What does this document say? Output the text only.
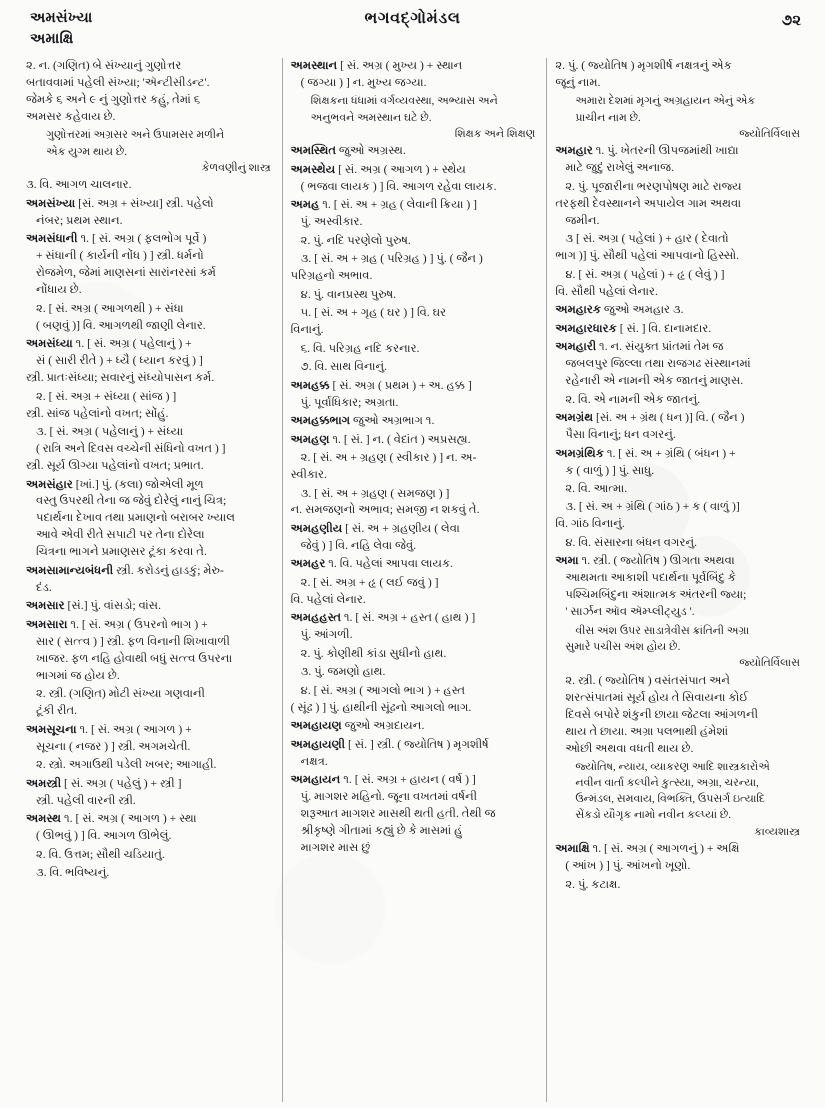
અમસંખ્યા
અમાક્ષિ
ભગવદ્ગોમંડલ	૭૨
૨. ન. (ગણિત) બે સંખ્યાનું ગુણોત્તર
બતાવવામાં પહેલી સંખ્યા; 'ઍન્ટીસીડન્ટ'.
જેમકે ૬ અને ૯ નું ગુણોત્તર કહું, તેમાં ૬
અમસર કહેવાય છે.
ગુણોત્તરમાં અગ્રસર અને ઉપામસર મળીને
એક યુગ્મ થાય છે.
કેળવણીનું શાસ્ત્ર
૩. વિ. આગળ ચાલનાર.
અમસંખ્યા [સં. અગ્ર + સંખ્યા] સ્ત્રી. પહેલો
નંબર; પ્રથમ સ્થાન.
અમસંધાની ૧. [ સં. અગ્ર ( ફલભોગ પૂર્વે )
+ સંધાની ( કાર્યની નોંધ ) ] સ્ત્રી. ધર્મનો
રોજમેળ, જેમાં માણસનાં સારાંનરસાં કર્મ
નોંધાય છે.
૨. [ સં. અગ્ર ( આગળથી ) + સંધા
( બણવું )] વિ. આગળથી જાણી લેનાર.
અમસંધ્યા ૧. [ સં. અગ્ર ( પહેલાનું ) +
સં ( સારી રીતે ) + ધ્યૈ ( ધ્યાન કરવું ) ]
સ્ત્રી. પ્રાતઃસંધ્યા; સવારનું સંધ્યોપાસન કર્મ.
૨. [ સં. અગ્ર + સંધ્યા ( સાંજ ) ]
સ્ત્રી. સાંજ પહેલાંનો વખત; સોંહું.
૩. [ સં. અગ્ર ( પહેલાનું ) + સંધ્યા
( રાત્રિ અને દિવસ વચ્ચેની સંધિનો વખત ) ]
સ્ત્રી. સૂર્ય ઊગ્યા પહેલાંનો વખત; પ્રભાત.
અમસંહાર [ખાં.] પું. (કલા) જોએલી મૂળ
વસ્તુ ઉપરથી તેના જ જેવું દોરેલું નાનું ચિત્ર;
પદાર્થના દેખાવ તથા પ્રમાણનો બરાબર ખ્યાલ
આવે એવી રીતે સપાટી પર તેના દોરેલા
ચિત્રના ભાગને પ્રમાણસર ટૂંકા કરવા તે.
અમસામાન્યબંધની સ્ત્રી. કરોડનું હાડકું; મેરુ-
દંડ.
અમસાર [સં.] પું. વાંસડો; વાંસ.
અમસારા ૧. [ સં. અગ્ર ( ઉપરનો ભાગ ) +
સાર ( સત્ત્વ ) ] સ્ત્રી. ફળ વિનાની શિખાવાળી
ખાજર. ફળ નહિ હોવાથી બધું સત્ત્વ ઉપરના
ભાગમાં જ હોય છે.
૨. સ્ત્રી. (ગણિત) મોટી સંખ્યા ગણવાની
ટૂંકી રીત.
અમસૂચના ૧. [ સં. અગ્ર ( આગળ ) +
સૂચના ( નજર ) ] સ્ત્રી. અગમચેતી.
૨. સ્ત્રો. અગાઉથી પડેલી ખબર; આગાહી.
અમસ્ત્રી [ સં. અગ્ર ( પહેલું ) + સ્ત્રી ]
સ્ત્રી. પહેલી વારની સ્ત્રી.
અમસ્થ ૧. [ સં. અગ્ર ( આગળ ) + સ્થા
( ઊભવું ) ] વિ. આગળ ઊભેલું.
૨. વિ. ઉત્તમ; સૌથી ચડિયાતું.
૩. વિ. ભવિષ્યનું.
અમસ્થાન [ સં. અગ્ર ( મુખ્ય ) + સ્થાન
( જગ્યા ) ] ન. મુખ્ય જગ્યા.
શિક્ષકના ધંધામાં વર્ગવ્યવસ્થા, અભ્યાસ અને
અનુભવને અમસ્થાન ઘટે છે.
શિક્ષક અને શિક્ષણ
અમસ્થિત જુઓ અગ્રસ્થ.
અમસ્થેય [ સં. અગ્ર ( આગળ ) + સ્થેય
( ભજવા લાયક ) ] વિ. આગળ રહેવા લાયક.
અમહ ૧. [ સં. અ + ગ્રહ ( લેવાની ક્રિયા ) ]
પું. અસ્વીકાર.
૨. પું. નદિ પરણેલો પુરુષ.
૩. [ સં. અ + ગ્રહ ( પરિગ્રહ ) ] પું. ( જૈન )
પરિગ્રહનો અભાવ.
૪. પું. વાનપ્રસ્થ પુરુષ.
૫. [ સં. અ + ગૃહ ( ઘર ) ] વિ. ઘર
વિનાનું.
૬. વિ. પરિગ્રહ નદિ કરનાર.
૭. વિ. સાથ વિનાનું.
અમહક્ક [ સં. અગ્ર ( પ્રથમ ) + અ. હક્ક ]
પું. પૂર્વાધિકાર; અગ્રતા.
અમહક્કભાગ જુઓ અગ્રભાગ ૧.
અમહણ ૧. [ સં. ] ન. ( વેદાંત ) અપ્રસહ્ય.
૨. [ સં. અ + ગ્રહણ ( સ્વીકાર ) ] ન. અ-
સ્વીકાર.
૩. [ સં. અ + ગ્રહણ ( સમજણ ) ]
ન. સમજણનો અભાવ; સમજી ન શકવું તે.
અમહણીય [ સં. અ + ગ્રહણીય ( લેવા
જેવું ) ] વિ. નહિ લેવા જેવું.
અમહર ૧. વિ. પહેલાં આપવા લાયક.
૨. [ સં. અગ્ર + હૃ ( લઈ જવું ) ]
વિ. પહેલાં લેનાર.
અમહહસ્ત ૧. [ સં. અગ્ર + હસ્ત ( હાથ ) ]
પું. આંગળી.
૨. પું. કોણીથી કાંડા સુધીનો હાથ.
૩. પું. જમણો હાથ.
૪. [ સં. અગ્ર ( આગલો ભાગ ) + હસ્ત
( સૂંઢ ) ] પું. હાથીની સૂંઢનો આગલો ભાગ.
અમહાયણ જુઓ અગ્રદાયન.
અમહાયણી [ સં. ] સ્ત્રી. ( જ્યોતિષ ) મૃગશીર્ષ
નક્ષત્ર.
અમહાયન ૧. [ સં. અગ્ર + હાયન ( વર્ષ ) ]
પું. માગશર મહિનો. જૂના વખતમાં વર્ષની
શરૂઆત માગશર માસથી થતી હતી. તેથી જ
શ્રીકૃષ્ણે ગીતામાં કહ્યું છે કે માસમાં હું
માગશર માસ છું
૨. પું. ( જ્યોતિષ ) મૃગશીર્ષ નક્ષત્રનું એક
જૂનું નામ.
અમારા દેશમાં મૃગનું અગ્રહાયન એનું એક
પ્રાચીન નામ છે.
જ્યોતિર્વિલાસ
અમહાર ૧. પું. ખેતરની ઊપજમાંથી ખાદ્યા
માટે જુદું રાખેલું અનાજ.
૨. પું. પૂજારીના ભરણપોષણ માટે રાજ્ય
તરફથી દેવસ્થાનને અપાયેલ ગામ અથવા
જમીન.
૩ [ સં. અગ્ર ( પહેલાં ) + હાર ( દેવાતો
ભાગ )] પું. સૌથી પહેલાં આપવાનો હિસ્સો.
૪. [ સં. અગ્ર ( પહેલાં ) + હૃ ( લેવું ) ]
વિ. સૌથી પહેલાં લેનાર.
અમહારક જુઓ અમહાર ૩.
અમહારધારક [ સં. ] વિ. દાનામદાર.
અમહારી ૧. ન. સંયુક્ત પ્રાંતમાં તેમ જ
જબલપુર જિલ્લા તથા રાજગઢ સંસ્થાનમાં
રહેનારી એ નામની એક જાતનું માણસ.
૨. વિ. એ નામની એક જાતનું.
અમગ્રંથ [સં. અ + ગ્રંથ ( ધન )] વિ. ( જૈન )
પૈસા વિનાનું; ધન વગરનું.
અમગ્રંથિક ૧. [ સં. અ + ગ્રંથિ ( બંધન ) +
ક ( વાળું ) ] પું. સાધુ.
૨. વિ. આત્મા.
૩. [ સં. અ + ગ્રંથિ ( ગાંઠ ) + ક ( વાળું )]
વિ. ગાંઠ વિનાનું.
૪. વિ. સંસારના બંધન વગરનું.
અમા ૧. સ્ત્રી. ( જ્યોતિષ ) ઊગતા અથવા
આથમતા આકાશી પદાર્થના પૂર્વબિંદુ કે
પશ્ચિમબિંદુના અંશાત્મક અંતરની જ્યા;
' સાર્ઝન ઑવ ઍમ્પ્લીટ્યુડ '.
વીસ અંશ ઉપર સાડાત્રેવીસ ક્રાંતિની અગ્રા
સુમારે પચીસ અંશ હોય છે.
જ્યોતિર્વિલાસ
૨. સ્ત્રી. ( જ્યોતિષ ) વસંતસંપાત અને
શરત્સંપાતમાં સૂર્ય હોય તે સિવાયના કોઈ
દિવસે બપોરે શંકુની છાયા જેટલા આંગળની
થાય તે છાયા. અગ્રા પલભાથી હંમેશાં
ઓછી અથવા વધતી થાય છે.
જ્યોતિષ, ન્યાય, વ્યાકરણ આદિ શાસ્ત્રકારોએ
નવીન વાર્તા કલ્પીને કુત્સ્યા, અગ્રા, ચરન્યા,
ઉન્મંડલ, સમવાય, વિભક્તિ, ઉપસર્ગ ઇત્યાદિ
સેંકડો યૌગૃક નામો નવીન કલ્પ્યાં છે.
કાવ્યશાસ્ત્ર
અમાક્ષિ ૧. [ સં. અગ્ર ( આગળનું ) + અક્ષિ
( આંખ ) ] પું. આંખનો ખૂણો.
૨. પું. કટાક્ષ.
